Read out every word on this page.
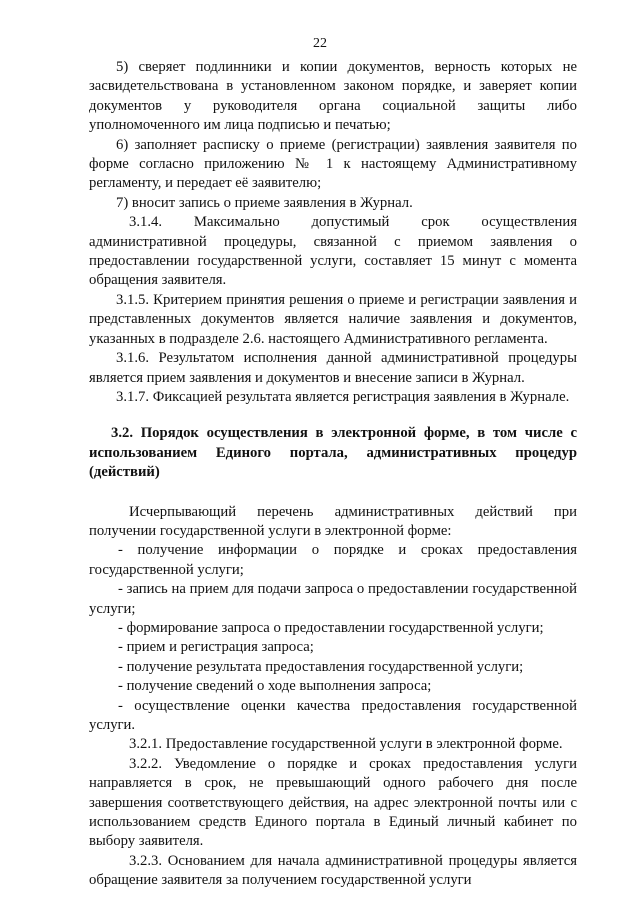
22

5) сверяет подлинники и копии документов, верность которых не засвидетельствована в установленном законом порядке, и заверяет копии документов у руководителя органа социальной защиты либо уполномоченного им лица подписью и печатью;

6) заполняет расписку о приеме (регистрации) заявления заявителя по форме согласно приложению № 1 к настоящему Административному регламенту, и передает её заявителю;

7) вносит запись о приеме заявления в Журнал.

3.1.4. Максимально допустимый срок осуществления административной процедуры, связанной с приемом заявления о предоставлении государственной услуги, составляет 15 минут с момента обращения заявителя.

3.1.5. Критерием принятия решения о приеме и регистрации заявления и представленных документов является наличие заявления и документов, указанных в подразделе 2.6. настоящего Административного регламента.

3.1.6. Результатом исполнения данной административной процедуры является прием заявления и документов и внесение записи в Журнал.

3.1.7. Фиксацией результата является регистрация заявления в Журнале.

3.2. Порядок осуществления в электронной форме, в том числе с использованием Единого портала, административных процедур (действий)

Исчерпывающий перечень административных действий при получении государственной услуги в электронной форме:

- получение информации о порядке и сроках предоставления государственной услуги;

- запись на прием для подачи запроса о предоставлении государственной услуги;

- формирование запроса о предоставлении государственной услуги;

- прием и регистрация запроса;

- получение результата предоставления государственной услуги;

- получение сведений о ходе выполнения запроса;

- осуществление оценки качества предоставления государственной услуги.

3.2.1. Предоставление государственной услуги в электронной форме.

3.2.2. Уведомление о порядке и сроках предоставления услуги направляется в срок, не превышающий одного рабочего дня после завершения соответствующего действия, на адрес электронной почты или с использованием средств Единого портала в Единый личный кабинет по выбору заявителя.

3.2.3. Основанием для начала административной процедуры является обращение заявителя за получением государственной услуги
